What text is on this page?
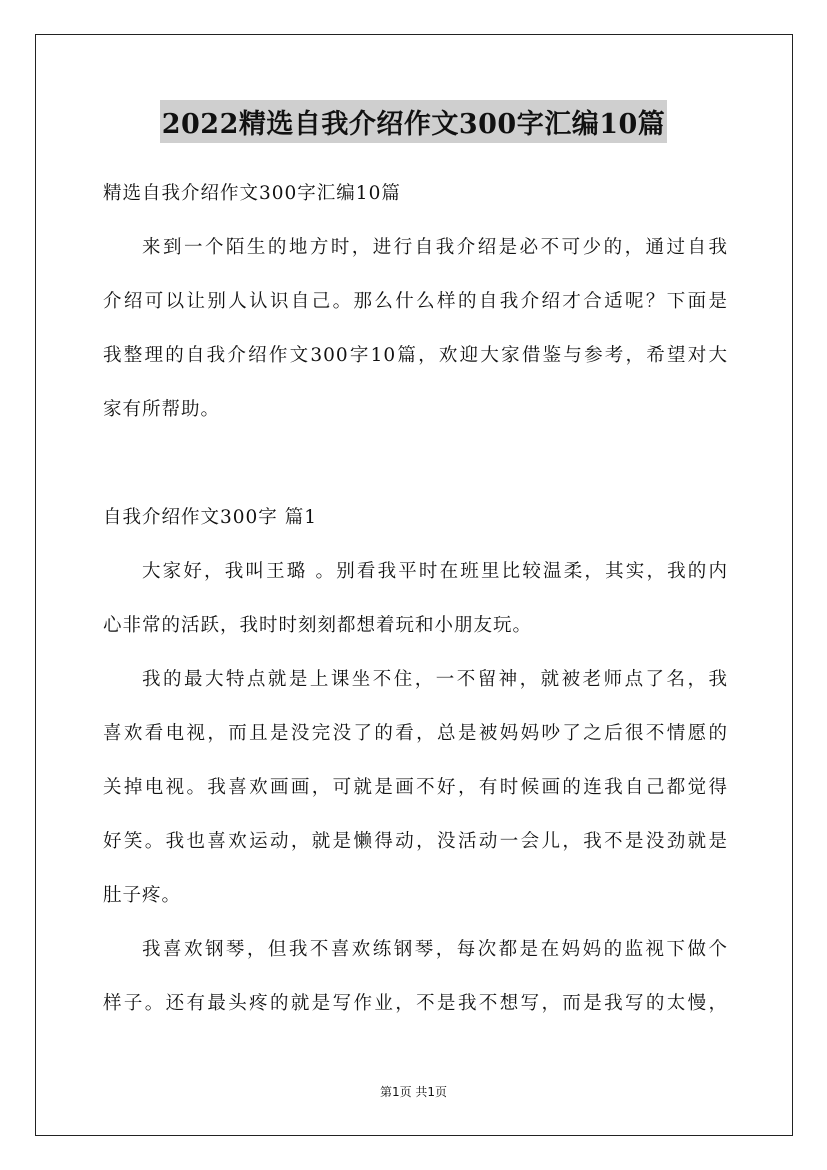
2022精选自我介绍作文300字汇编10篇
精选自我介绍作文300字汇编10篇
来到一个陌生的地方时，进行自我介绍是必不可少的，通过自我
介绍可以让别人认识自己。那么什么样的自我介绍才合适呢？下面是
我整理的自我介绍作文300字10篇，欢迎大家借鉴与参考，希望对大
家有所帮助。
自我介绍作文300字 篇1
大家好，我叫王璐 。别看我平时在班里比较温柔，其实，我的内
心非常的活跃，我时时刻刻都想着玩和小朋友玩。
我的最大特点就是上课坐不住，一不留神，就被老师点了名，我
喜欢看电视，而且是没完没了的看，总是被妈妈吵了之后很不情愿的
关掉电视。我喜欢画画，可就是画不好，有时候画的连我自己都觉得
好笑。我也喜欢运动，就是懒得动，没活动一会儿，我不是没劲就是
肚子疼。
我喜欢钢琴，但我不喜欢练钢琴，每次都是在妈妈的监视下做个
样子。还有最头疼的就是写作业，不是我不想写，而是我写的太慢，
第1页 共1页
